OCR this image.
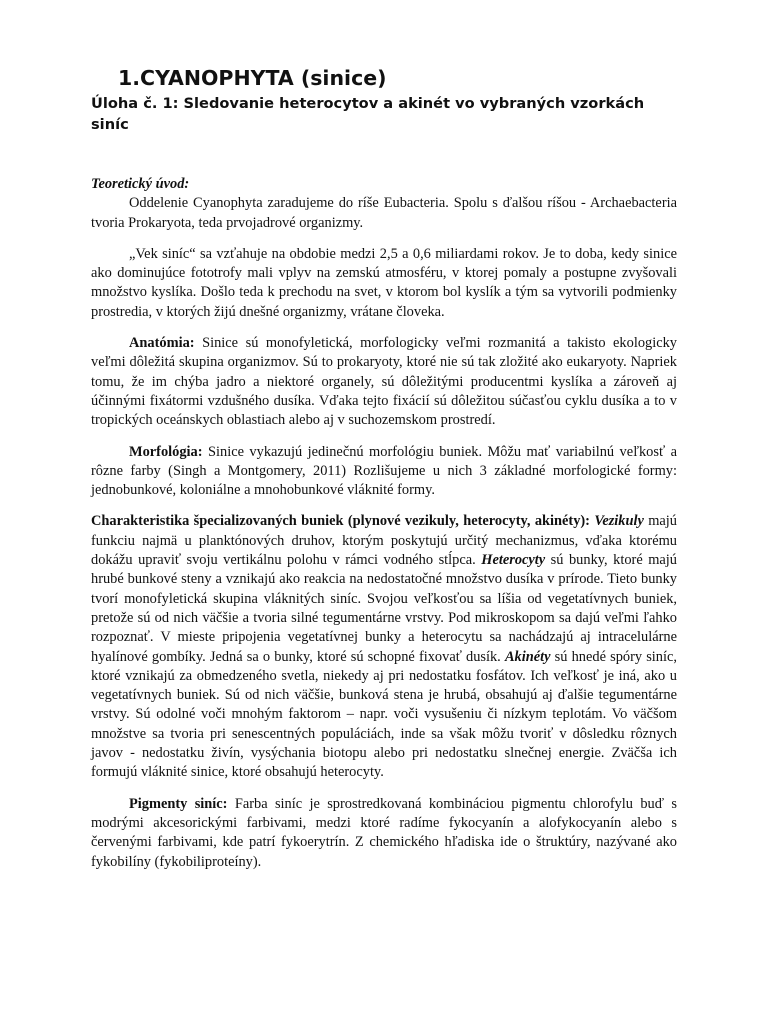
1.CYANOPHYTA (sinice)
Úloha č. 1: Sledovanie heterocytov a akinét vo vybraných vzorkách siníc
Teoretický úvod:

Oddelenie Cyanophyta zaradujeme do ríše Eubacteria. Spolu s ďalšou ríšou - Archaebacteria tvoria Prokaryota, teda prvojadrové organizmy.

„Vek siníc“ sa vzťahuje na obdobie medzi 2,5 a 0,6 miliardami rokov. Je to doba, kedy sinice ako dominujúce fototrofy mali vplyv na zemskú atmosféru, v ktorej pomaly a postupne zvyšovali množstvo kyslíka. Došlo teda k prechodu na svet, v ktorom bol kyslík a tým sa vytvorili podmienky prostredia, v ktorých žijú dnešné organizmy, vrátane človeka.

Anatómia: Sinice sú monofyletická, morfologicky veľmi rozmanitá a takisto ekologicky veľmi dôležitá skupina organizmov. Sú to prokaryoty, ktoré nie sú tak zložité ako eukaryoty. Napriek tomu, že im chýba jadro a niektoré organely, sú dôležitými producentmi kyslíka a zároveň aj účinnými fixátormi vzdušného dusíka. Vďaka tejto fixácií sú dôležitou súčasťou cyklu dusíka a to v tropických oceánskych oblastiach alebo aj v suchozemskom prostredí.

Morfológia: Sinice vykazujú jedinečnú morfológiu buniek. Môžu mať variabilnú veľkosť a rôzne farby (Singh a Montgomery, 2011) Rozlišujeme u nich 3 základné morfologické formy: jednobunkové, koloniálne a mnohobunkové vláknité formy.

Charakteristika špecializovaných buniek (plynové vezikuly, heterocyty, akinéty): Vezikuly majú funkciu najmä u planktónových druhov, ktorým poskytujú určitý mechanizmus, vďaka ktorému dokážu upraviť svoju vertikálnu polohu v rámci vodného stĺpca. Heterocyty sú bunky, ktoré majú hrubé bunkové steny a vznikajú ako reakcia na nedostatočné množstvo dusíka v prírode. Tieto bunky tvorí monofyletická skupina vláknitých siníc. Svojou veľkosťou sa líšia od vegetatívnych buniek, pretože sú od nich väčšie a tvoria silné tegumentárne vrstvy. Pod mikroskopom sa dajú veľmi ľahko rozpoznať. V mieste pripojenia vegetatívnej bunky a heterocytu sa nachádzajú aj intracelulárne hyalínové gombíky. Jedná sa o bunky, ktoré sú schopné fixovať dusík. Akinéty sú hnedé spóry siníc, ktoré vznikajú za obmedzeného svetla, niekedy aj pri nedostatku fosfátov. Ich veľkosť je iná, ako u vegetatívnych buniek. Sú od nich väčšie, bunková stena je hrubá, obsahujú aj ďalšie tegumentárne vrstvy. Sú odolné voči mnohým faktorom – napr. voči vysušeniu či nízkym teplotám. Vo väčšom množstve sa tvoria pri senescentných populáciách, inde sa však môžu tvoriť v dôsledku rôznych javov - nedostatku živín, vysýchania biotopu alebo pri nedostatku slnečnej energie. Zväčša ich formujú vláknité sinice, ktoré obsahujú heterocyty.

Pigmenty siníc: Farba siníc je sprostredkovaná kombináciou pigmentu chlorofylu buď s modrými akcesorickými farbivami, medzi ktoré radíme fykocyanín a alofykocyanín alebo s červenými farbivami, kde patrí fykoerytrín. Z chemického hľadiska ide o štruktúry, nazývané ako fykobilíny (fykobiliproteíny).
